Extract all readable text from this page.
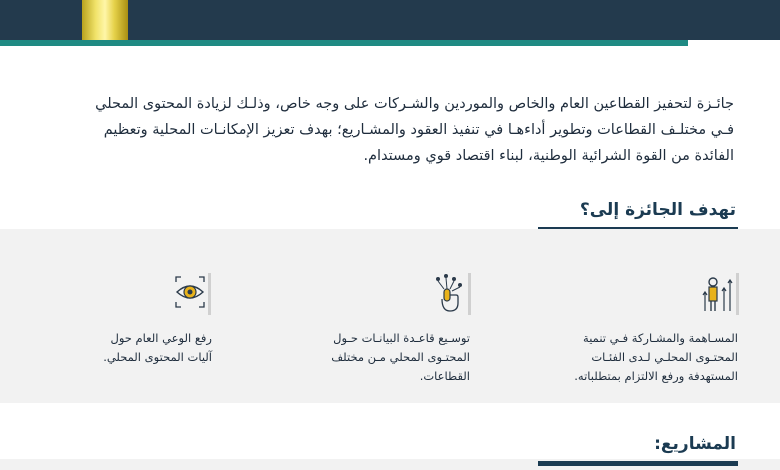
جائـزة لتحفيز القطاعين العام والخاص والموردين والشـركات على وجه خاص، وذلـك لزيادة المحتوى المحلي

فـي مختلـف القطاعات وتطوير أداءهـا في تنفيذ العقود والمشـاريع؛ بهدف تعزيز الإمكانـات المحلية وتعظيم

الفائدة من القوة الشرائية الوطنية، لبناء اقتصاد قوي ومستدام.

تهدف الجائزة إلى؟
المسـاهمة والمشـاركة فـي تنمية
المحتـوى المحلـي لـدى الفئـات
المستهدفة ورفع الالتزام بمتطلباته.
توسـيع قاعـدة البيانـات حـول
المحتـوى المحلي مـن مختلف
القطاعات.
رفع الوعي العام حول
آليات المحتوى المحلي.
المشاريع:
